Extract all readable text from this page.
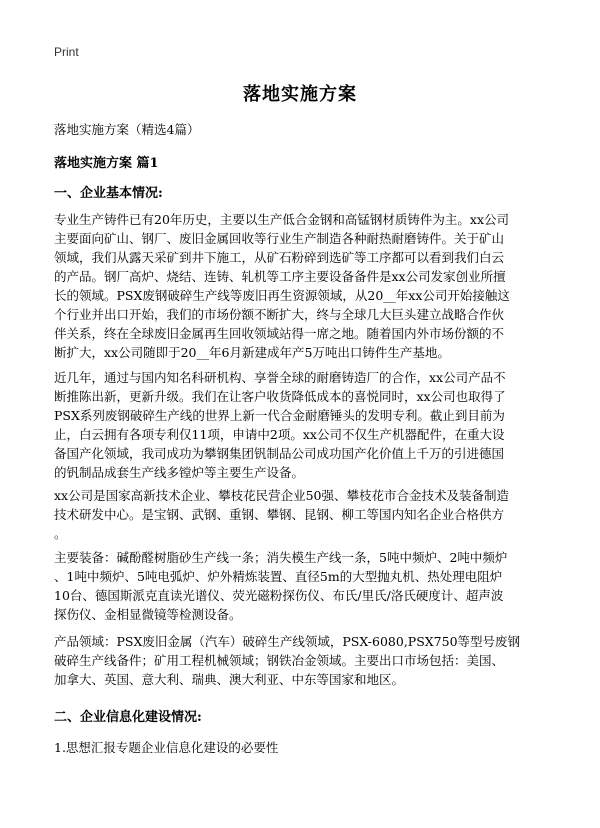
Print
落地实施方案
落地实施方案（精选4篇）
落地实施方案 篇1
一、企业基本情况:
专业生产铸件已有20年历史，主要以生产低合金钢和高锰钢材质铸件为主。xx公司
主要面向矿山、钢厂、废旧金属回收等行业生产制造各种耐热耐磨铸件。关于矿山
领域，我们从露天采矿到井下施工，从矿石粉碎到选矿等工序都可以看到我们白云
的产品。钢厂高炉、烧结、连铸、轧机等工序主要设备备件是xx公司发家创业所擅
长的领域。PSX废钢破碎生产线等废旧再生资源领域，从20__年xx公司开始接触这
个行业并出口开始，我们的市场份额不断扩大，终与全球几大巨头建立战略合作伙
伴关系，终在全球废旧金属再生回收领域站得一席之地。随着国内外市场份额的不
断扩大，xx公司随即于20__年6月新建成年产5万吨出口铸件生产基地。
近几年，通过与国内知名科研机构、享誉全球的耐磨铸造厂的合作，xx公司产品不
断推陈出新，更新升级。我们在让客户收货降低成本的喜悦同时，xx公司也取得了
PSX系列废钢破碎生产线的世界上新一代合金耐磨锤头的发明专利。截止到目前为
止，白云拥有各项专利仅11项，申请中2项。xx公司不仅生产机器配件，在重大设
备国产化领域，我司成功为攀钢集团钒制品公司成功国产化价值上千万的引进德国
的钒制品成套生产线多镗炉等主要生产设备。
xx公司是国家高新技术企业、攀枝花民营企业50强、攀枝花市合金技术及装备制造
技术研发中心。是宝钢、武钢、重钢、攀钢、昆钢、柳工等国内知名企业合格供方
。
主要装备：碱酚醛树脂砂生产线一条；消失模生产线一条，5吨中频炉、2吨中频炉
、1吨中频炉、5吨电弧炉、炉外精炼装置、直径5m的大型抛丸机、热处理电阻炉
10台、德国斯派克直读光谱仪、荧光磁粉探伤仪、布氏/里氏/洛氏硬度计、超声波
探伤仪、金相显微镜等检测设备。
产品领域：PSX废旧金属（汽车）破碎生产线领域，PSX-6080,PSX750等型号废钢
破碎生产线备件；矿用工程机械领域；钢铁冶金领域。主要出口市场包括：美国、
加拿大、英国、意大利、瑞典、澳大利亚、中东等国家和地区。
二、企业信息化建设情况:
1.思想汇报专题企业信息化建设的必要性
